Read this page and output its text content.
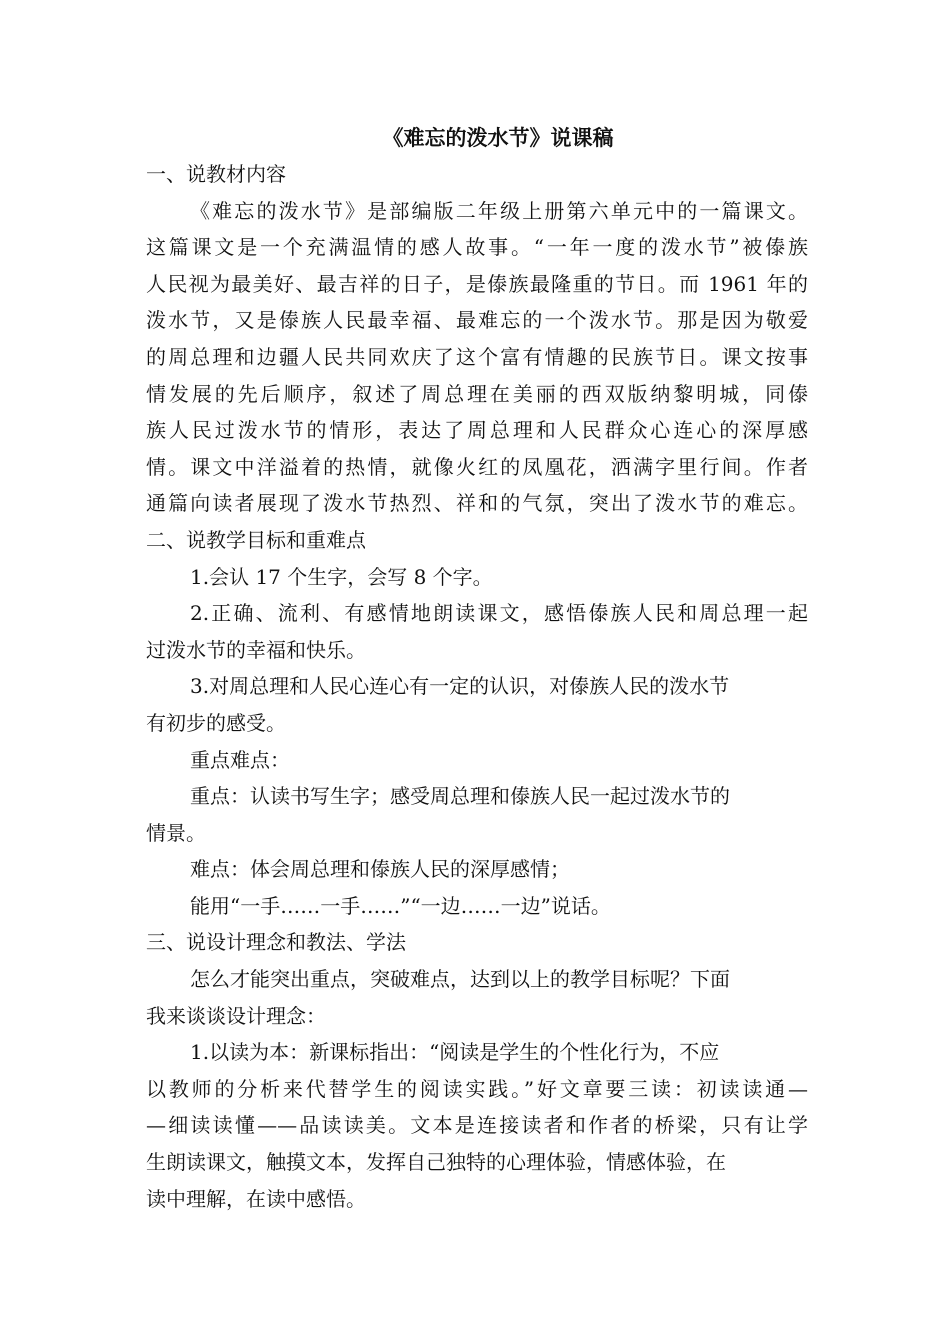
《难忘的泼水节》说课稿
一、说教材内容
《难忘的泼水节》是部编版二年级上册第六单元中的一篇课文。
这篇课文是一个充满温情的感人故事。“一年一度的泼水节”被傣族
人民视为最美好、最吉祥的日子，是傣族最隆重的节日。而 1961 年的
泼水节，又是傣族人民最幸福、最难忘的一个泼水节。那是因为敬爱
的周总理和边疆人民共同欢庆了这个富有情趣的民族节日。课文按事
情发展的先后顺序，叙述了周总理在美丽的西双版纳黎明城，同傣
族人民过泼水节的情形，表达了周总理和人民群众心连心的深厚感
情。课文中洋溢着的热情，就像火红的凤凰花，洒满字里行间。作者
通篇向读者展现了泼水节热烈、祥和的气氛，突出了泼水节的难忘。
二、说教学目标和重难点
1.会认 17 个生字，会写 8 个字。
2.正确、流利、有感情地朗读课文，感悟傣族人民和周总理一起
过泼水节的幸福和快乐。
3.对周总理和人民心连心有一定的认识，对傣族人民的泼水节
有初步的感受。
重点难点：
重点：认读书写生字；感受周总理和傣族人民一起过泼水节的
情景。
难点：体会周总理和傣族人民的深厚感情；
能用“一手……一手……”“一边……一边”说话。
三、说设计理念和教法、学法
怎么才能突出重点，突破难点，达到以上的教学目标呢？下面
我来谈谈设计理念：
1.以读为本：新课标指出：“阅读是学生的个性化行为，不应
以教师的分析来代替学生的阅读实践。”好文章要三读：初读读通—
—细读读懂——品读读美。文本是连接读者和作者的桥梁，只有让学
生朗读课文，触摸文本，发挥自己独特的心理体验，情感体验，在
读中理解，在读中感悟。
